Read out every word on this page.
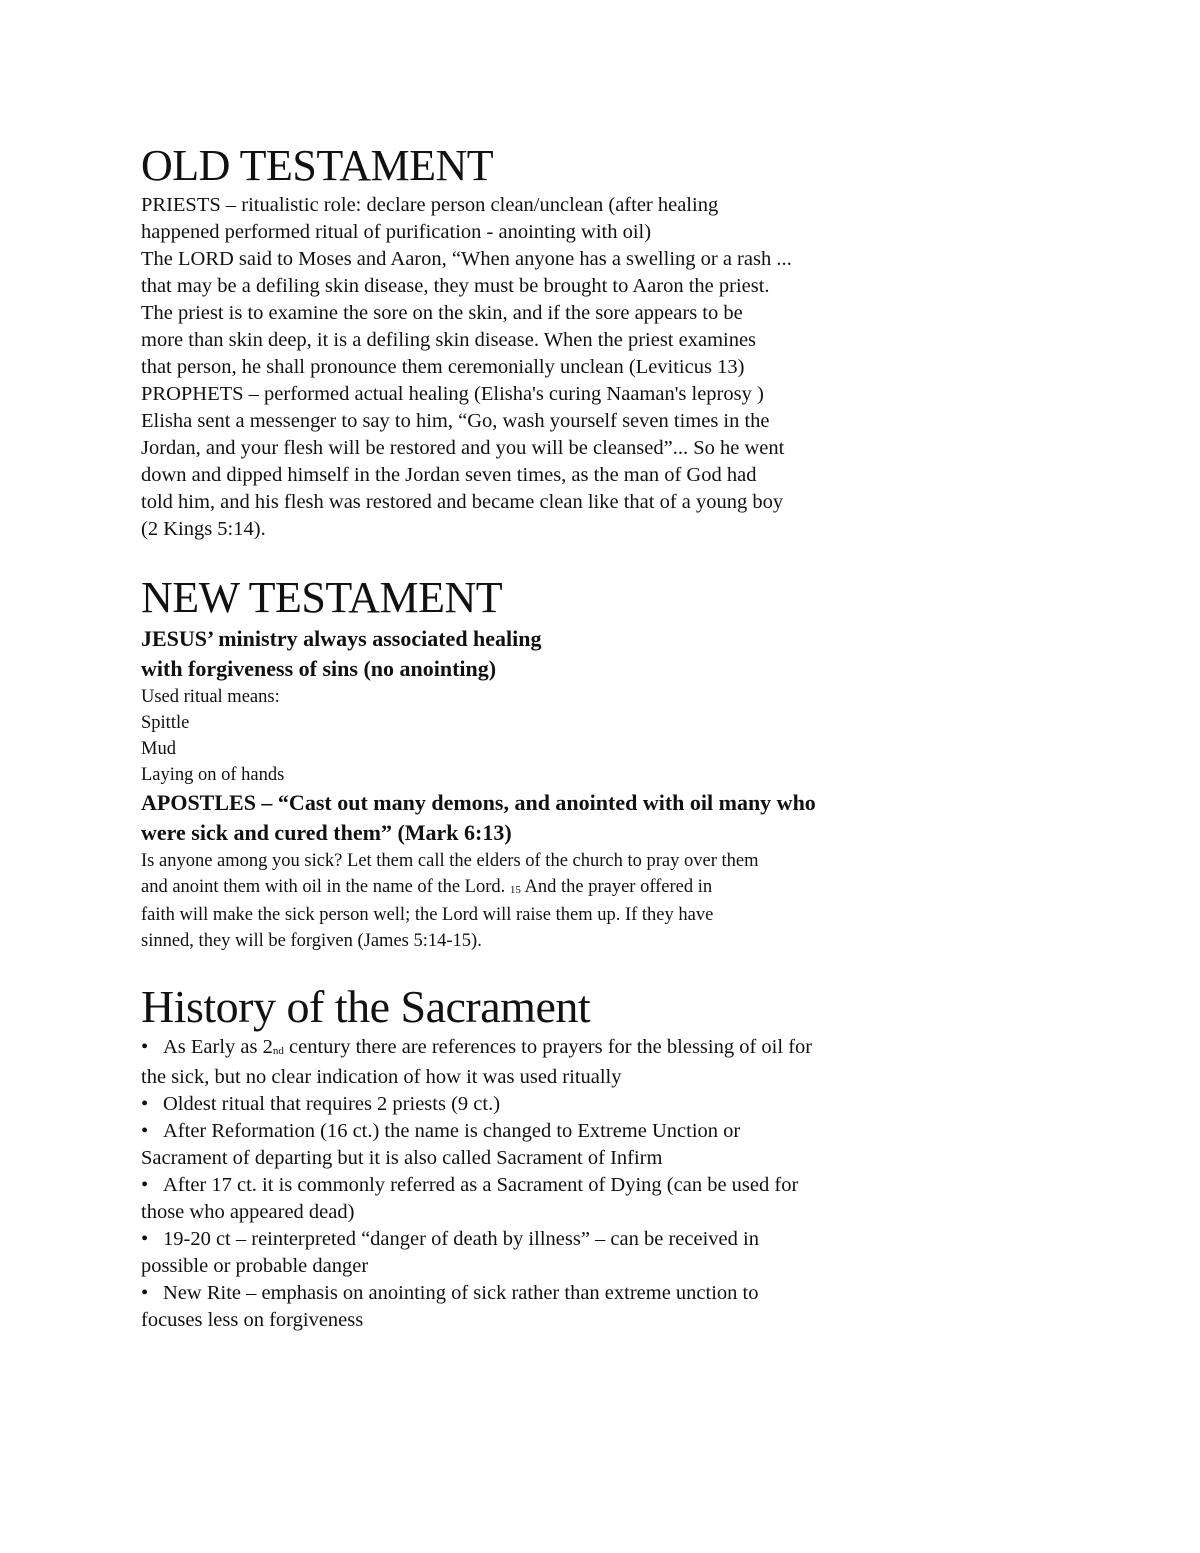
OLD TESTAMENT

PRIESTS – ritualistic role: declare person clean/unclean (after healing

happened performed ritual of purification - anointing with oil)

The LORD said to Moses and Aaron, “When anyone has a swelling or a rash ...

that may be a defiling skin disease, they must be brought to Aaron the priest.

The priest is to examine the sore on the skin, and if the sore appears to be

more than skin deep, it is a defiling skin disease. When the priest examines

that person, he shall pronounce them ceremonially unclean (Leviticus 13)

PROPHETS – performed actual healing (Elisha's curing Naaman's leprosy )

Elisha sent a messenger to say to him, “Go, wash yourself seven times in the

Jordan, and your flesh will be restored and you will be cleansed”... So he went

down and dipped himself in the Jordan seven times, as the man of God had

told him, and his flesh was restored and became clean like that of a young boy

(2 Kings 5:14).

NEW TESTAMENT

JESUS’ ministry always associated healing

with forgiveness of sins (no anointing)

Used ritual means:

Spittle

Mud

Laying on of hands

APOSTLES – “Cast out many demons, and anointed with oil many who

were sick and cured them” (Mark 6:13)

Is anyone among you sick? Let them call the elders of the church to pray over them

and anoint them with oil in the name of the Lord. 15 And the prayer offered in

faith will make the sick person well; the Lord will raise them up. If they have

sinned, they will be forgiven (James 5:14-15).

History of the Sacrament

• As Early as 2nd century there are references to prayers for the blessing of oil for

the sick, but no clear indication of how it was used ritually

• Oldest ritual that requires 2 priests (9 ct.)

• After Reformation (16 ct.) the name is changed to Extreme Unction or

Sacrament of departing but it is also called Sacrament of Infirm

• After 17 ct. it is commonly referred as a Sacrament of Dying (can be used for

those who appeared dead)

• 19-20 ct – reinterpreted “danger of death by illness” – can be received in

possible or probable danger

• New Rite – emphasis on anointing of sick rather than extreme unction to

focuses less on forgiveness
